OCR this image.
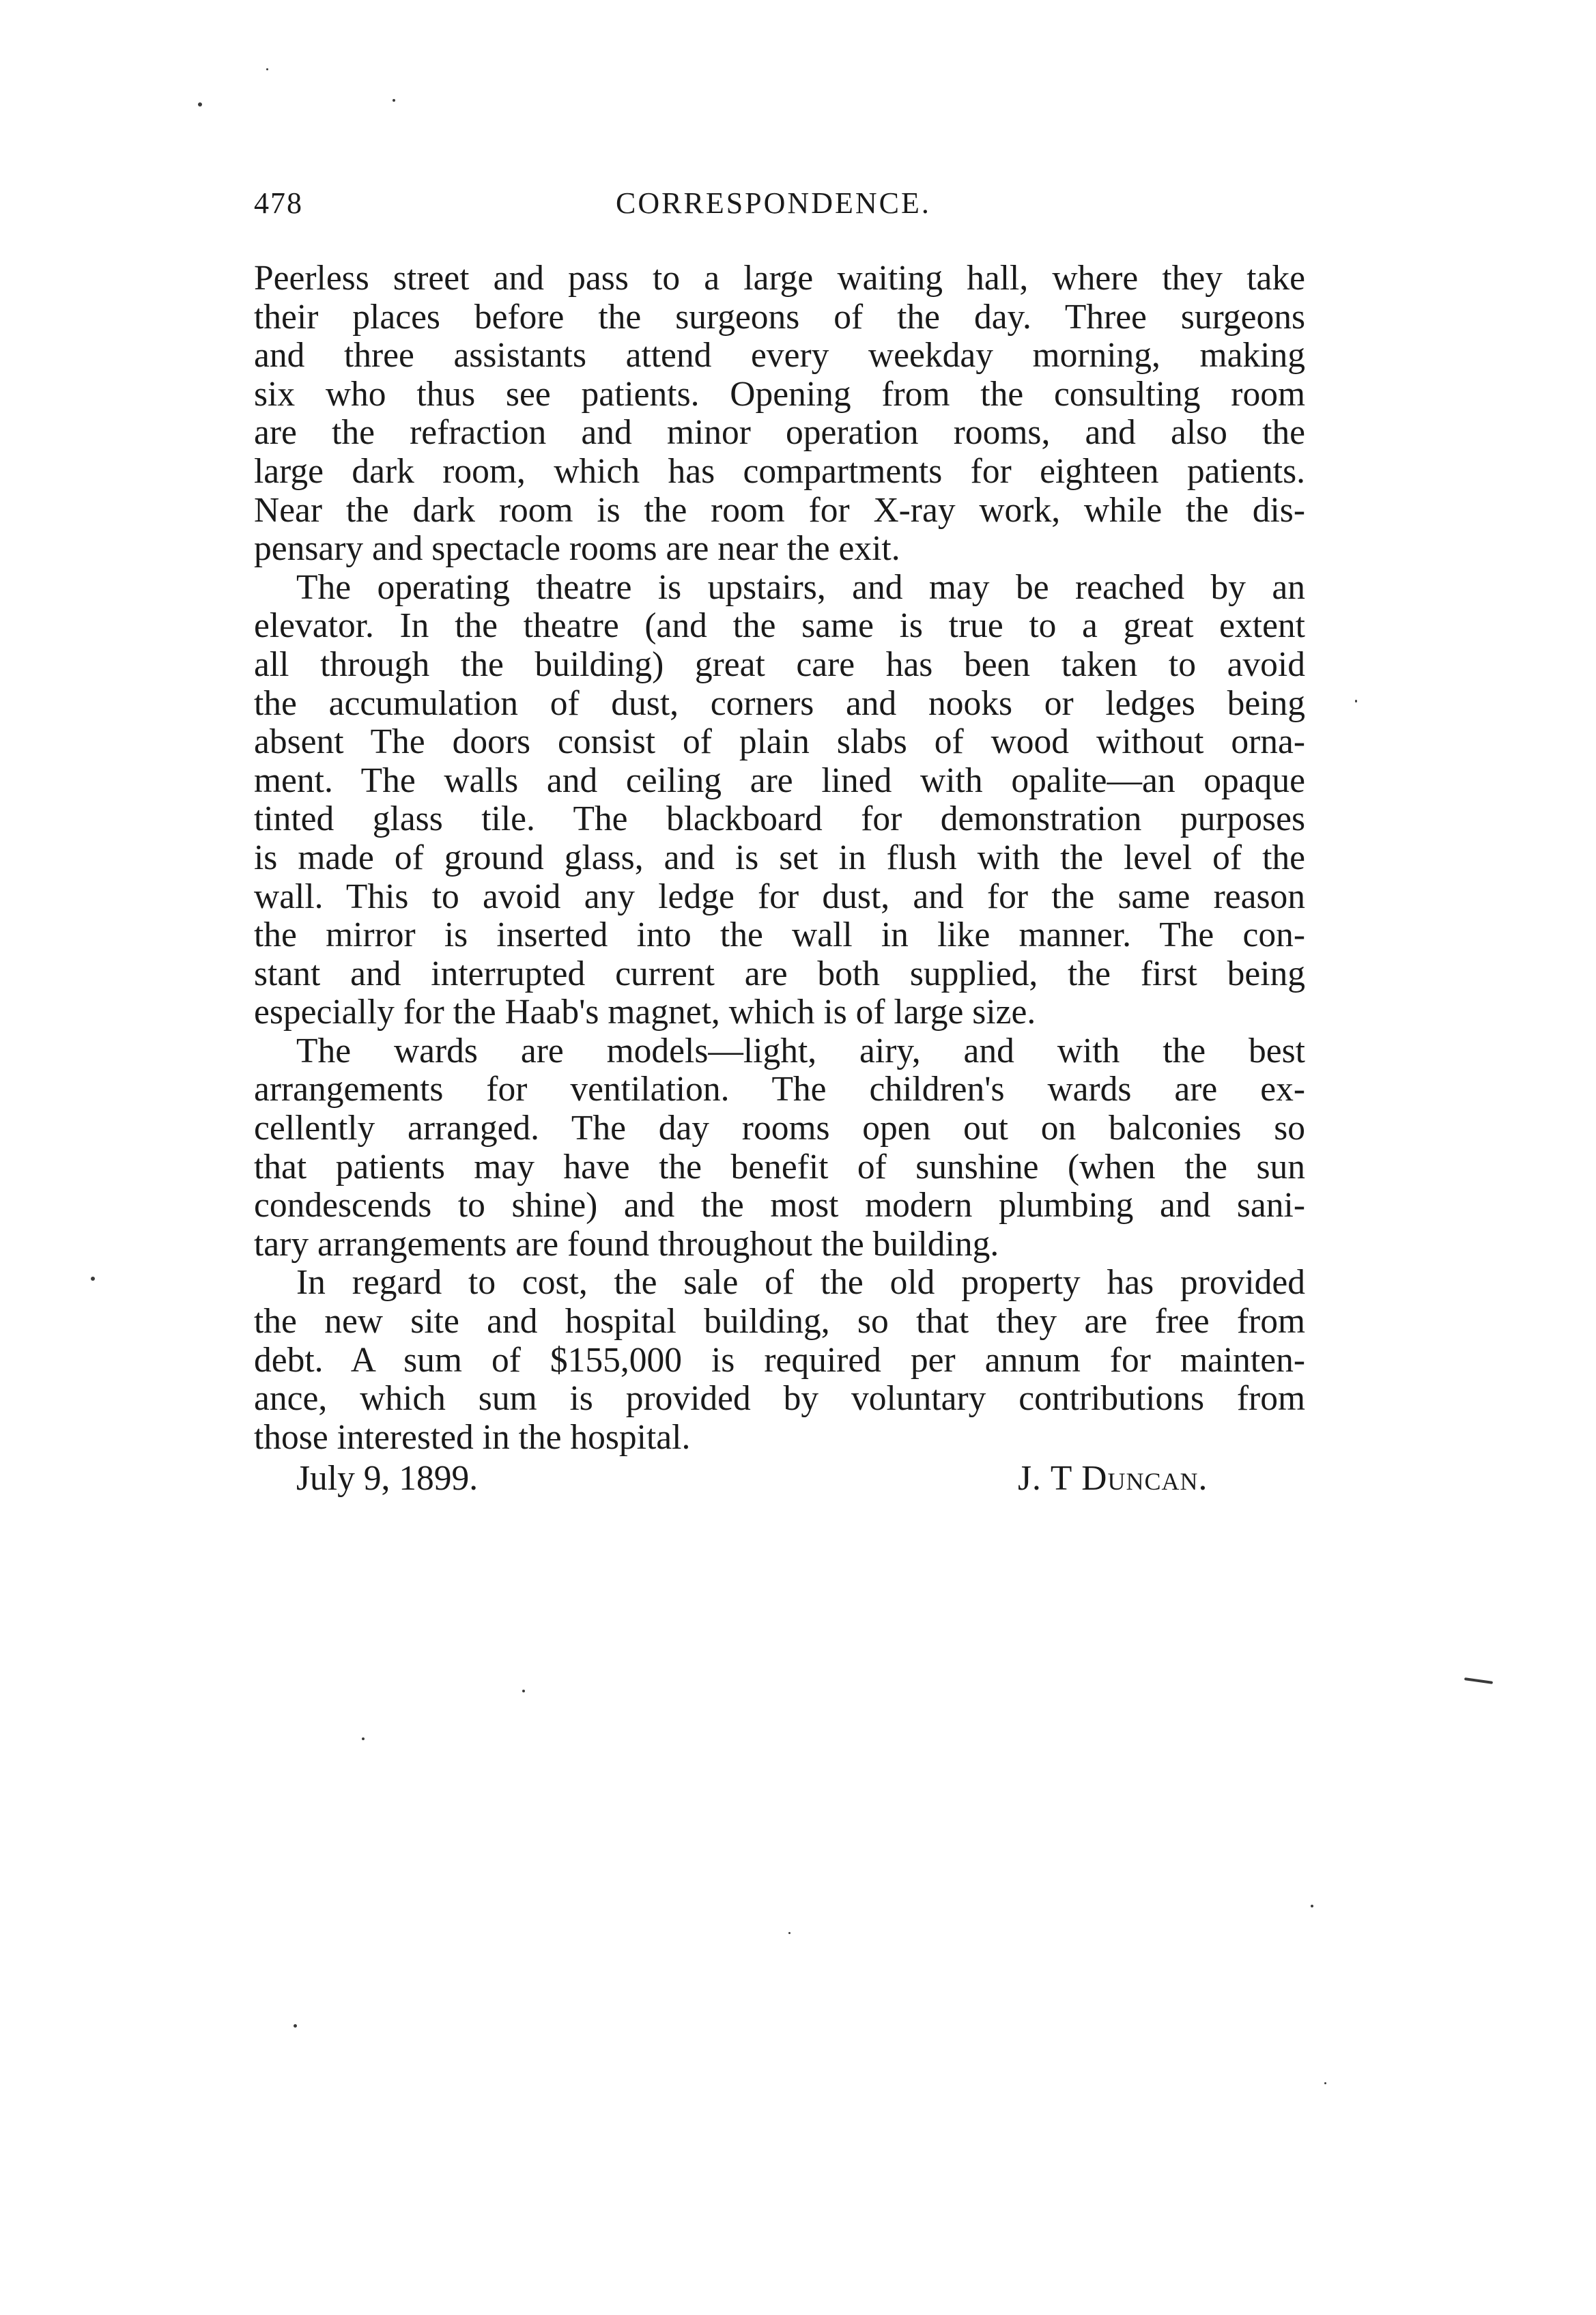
478	CORRESPONDENCE.

Peerless street and pass to a large waiting hall, where they take
their places before the surgeons of the day. Three surgeons
and three assistants attend every weekday morning, making
six who thus see patients. Opening from the consulting room
are the refraction and minor operation rooms, and also the
large dark room, which has compartments for eighteen patients.
Near the dark room is the room for X-ray work, while the dis-
pensary and spectacle rooms are near the exit.

The operating theatre is upstairs, and may be reached by an
elevator. In the theatre (and the same is true to a great extent
all through the building) great care has been taken to avoid
the accumulation of dust, corners and nooks or ledges being
absent The doors consist of plain slabs of wood without orna-
ment. The walls and ceiling are lined with opalite—an opaque
tinted glass tile. The blackboard for demonstration purposes
is made of ground glass, and is set in flush with the level of the
wall. This to avoid any ledge for dust, and for the same reason
the mirror is inserted into the wall in like manner. The con-
stant and interrupted current are both supplied, the first being
especially for the Haab's magnet, which is of large size.

The wards are models—light, airy, and with the best
arrangements for ventilation. The children's wards are ex-
cellently arranged. The day rooms open out on balconies so
that patients may have the benefit of sunshine (when the sun
condescends to shine) and the most modern plumbing and sani-
tary arrangements are found throughout the building.

In regard to cost, the sale of the old property has provided
the new site and hospital building, so that they are free from
debt. A sum of $155,000 is required per annum for mainten-
ance, which sum is provided by voluntary contributions from
those interested in the hospital.

July 9, 1899.	J. T Duncan.
